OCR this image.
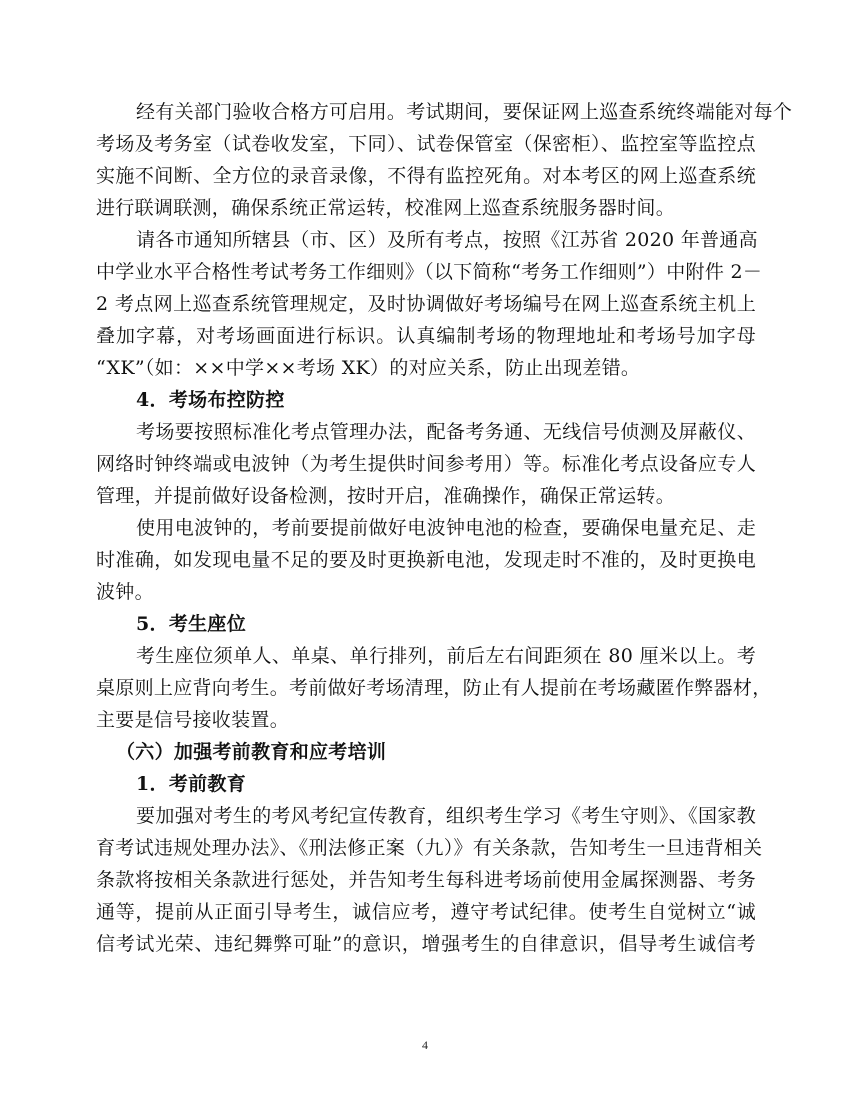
经有关部门验收合格方可启用。考试期间，要保证网上巡查系统终端能对每个
考场及考务室（试卷收发室，下同）、试卷保管室（保密柜）、监控室等监控点
实施不间断、全方位的录音录像，不得有监控死角。对本考区的网上巡查系统
进行联调联测，确保系统正常运转，校准网上巡查系统服务器时间。
请各市通知所辖县（市、区）及所有考点，按照《江苏省 2020 年普通高
中学业水平合格性考试考务工作细则》（以下简称“考务工作细则”）中附件 2－
2 考点网上巡查系统管理规定，及时协调做好考场编号在网上巡查系统主机上
叠加字幕，对考场画面进行标识。认真编制考场的物理地址和考场号加字母
“XK”（如：××中学××考场 XK）的对应关系，防止出现差错。
4．考场布控防控
考场要按照标准化考点管理办法，配备考务通、无线信号侦测及屏蔽仪、
网络时钟终端或电波钟（为考生提供时间参考用）等。标准化考点设备应专人
管理，并提前做好设备检测，按时开启，准确操作，确保正常运转。
使用电波钟的，考前要提前做好电波钟电池的检查，要确保电量充足、走
时准确，如发现电量不足的要及时更换新电池，发现走时不准的，及时更换电
波钟。
5．考生座位
考生座位须单人、单桌、单行排列，前后左右间距须在 80 厘米以上。考
桌原则上应背向考生。考前做好考场清理，防止有人提前在考场藏匿作弊器材，
主要是信号接收装置。
（六）加强考前教育和应考培训
1．考前教育
要加强对考生的考风考纪宣传教育，组织考生学习《考生守则》、《国家教
育考试违规处理办法》、《刑法修正案（九）》有关条款，告知考生一旦违背相关
条款将按相关条款进行惩处，并告知考生每科进考场前使用金属探测器、考务
通等，提前从正面引导考生，诚信应考，遵守考试纪律。使考生自觉树立“诚
信考试光荣、违纪舞弊可耻”的意识，增强考生的自律意识，倡导考生诚信考
4
